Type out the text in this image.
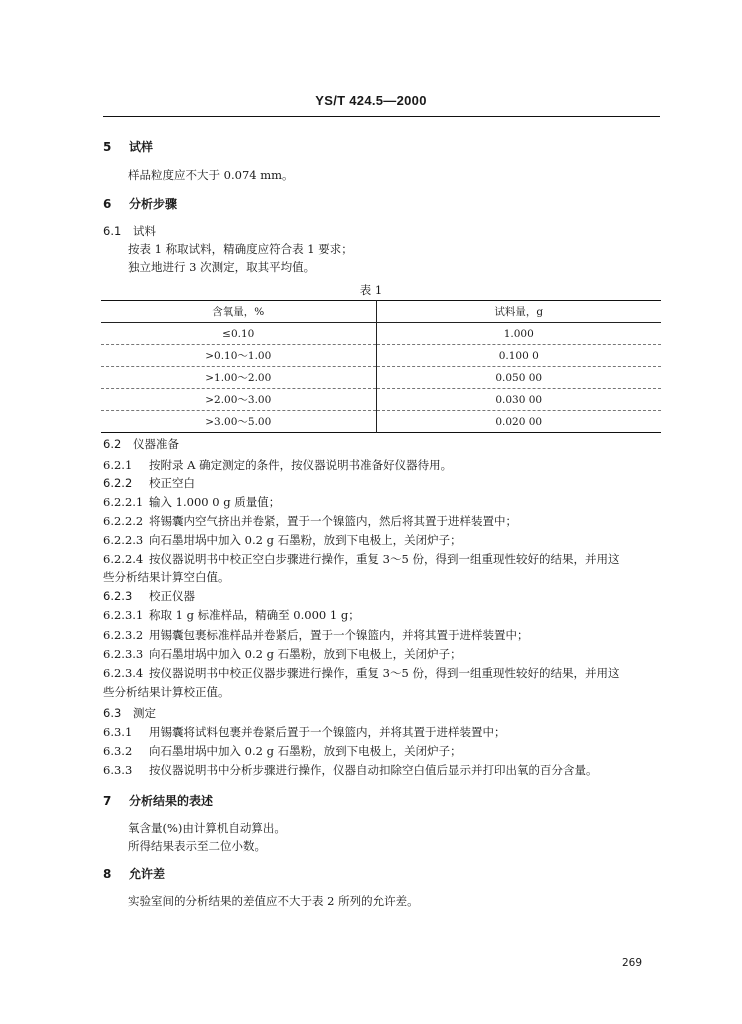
YS/T 424.5—2000
5 试样
样品粒度应不大于 0.074 mm。
6 分析步骤
6.1 试料
按表 1 称取试料，精确度应符合表 1 要求；
独立地进行 3 次测定，取其平均值。
表 1
含氧量，%	试料量，g
≤0.10	1.000
>0.10～1.00	0.100 0
>1.00～2.00	0.050 00
>2.00～3.00	0.030 00
>3.00～5.00	0.020 00
6.2 仪器准备
6.2.1 按附录 A 确定测定的条件，按仪器说明书准备好仪器待用。
6.2.2 校正空白
6.2.2.1 输入 1.000 0 g 质量值；
6.2.2.2 将锡囊内空气挤出并卷紧，置于一个镍篮内，然后将其置于进样装置中；
6.2.2.3 向石墨坩埚中加入 0.2 g 石墨粉，放到下电极上，关闭炉子；
6.2.2.4 按仪器说明书中校正空白步骤进行操作，重复 3～5 份，得到一组重现性较好的结果，并用这
些分析结果计算空白值。
6.2.3 校正仪器
6.2.3.1 称取 1 g 标准样品，精确至 0.000 1 g；
6.2.3.2 用锡囊包裹标准样品并卷紧后，置于一个镍篮内，并将其置于进样装置中；
6.2.3.3 向石墨坩埚中加入 0.2 g 石墨粉，放到下电极上，关闭炉子；
6.2.3.4 按仪器说明书中校正仪器步骤进行操作，重复 3～5 份，得到一组重现性较好的结果，并用这
些分析结果计算校正值。
6.3 测定
6.3.1 用锡囊将试料包裹并卷紧后置于一个镍篮内，并将其置于进样装置中；
6.3.2 向石墨坩埚中加入 0.2 g 石墨粉，放到下电极上，关闭炉子；
6.3.3 按仪器说明书中分析步骤进行操作，仪器自动扣除空白值后显示并打印出氧的百分含量。
7 分析结果的表述
氧含量(%)由计算机自动算出。
所得结果表示至二位小数。
8 允许差
实验室间的分析结果的差值应不大于表 2 所列的允许差。
269
